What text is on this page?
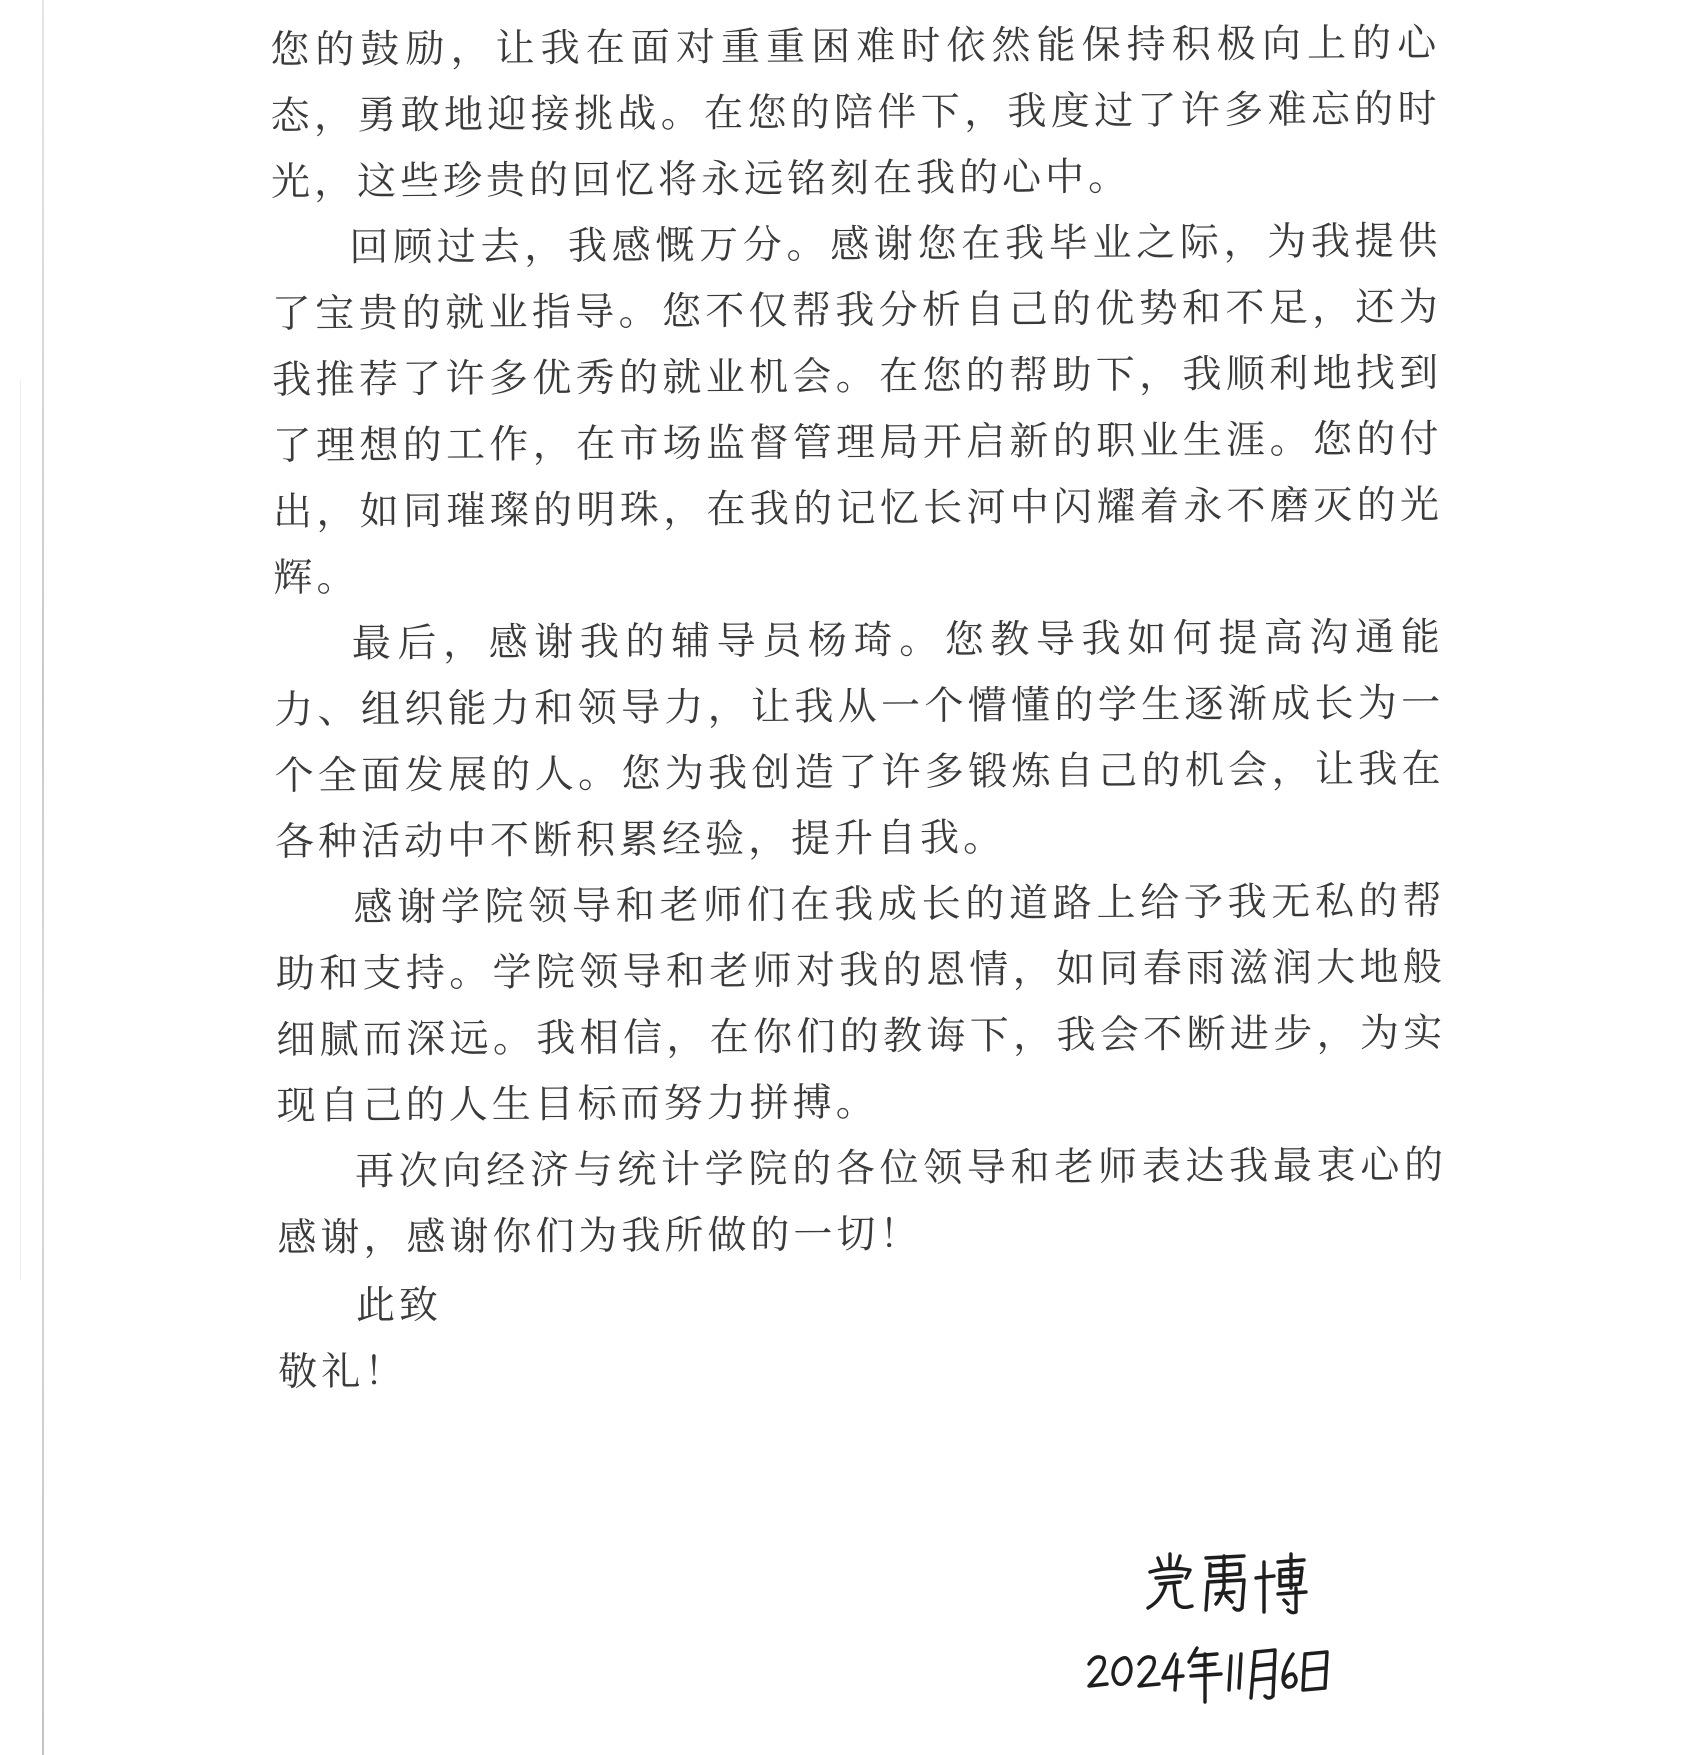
您的鼓励，让我在面对重重困难时依然能保持积极向上的心态，勇敢地迎接挑战。在您的陪伴下，我度过了许多难忘的时光，这些珍贵的回忆将永远铭刻在我的心中。

回顾过去，我感慨万分。感谢您在我毕业之际，为我提供了宝贵的就业指导。您不仅帮我分析自己的优势和不足，还为我推荐了许多优秀的就业机会。在您的帮助下，我顺利地找到了理想的工作，在市场监督管理局开启新的职业生涯。您的付出，如同璀璨的明珠，在我的记忆长河中闪耀着永不磨灭的光辉。

最后，感谢我的辅导员杨琦。您教导我如何提高沟通能力、组织能力和领导力，让我从一个懵懂的学生逐渐成长为一个全面发展的人。您为我创造了许多锻炼自己的机会，让我在各种活动中不断积累经验，提升自我。

感谢学院领导和老师们在我成长的道路上给予我无私的帮助和支持。学院领导和老师对我的恩情，如同春雨滋润大地般细腻而深远。我相信，在你们的教诲下，我会不断进步，为实现自己的人生目标而努力拼搏。

再次向经济与统计学院的各位领导和老师表达我最衷心的感谢，感谢你们为我所做的一切！

此致

敬礼！
